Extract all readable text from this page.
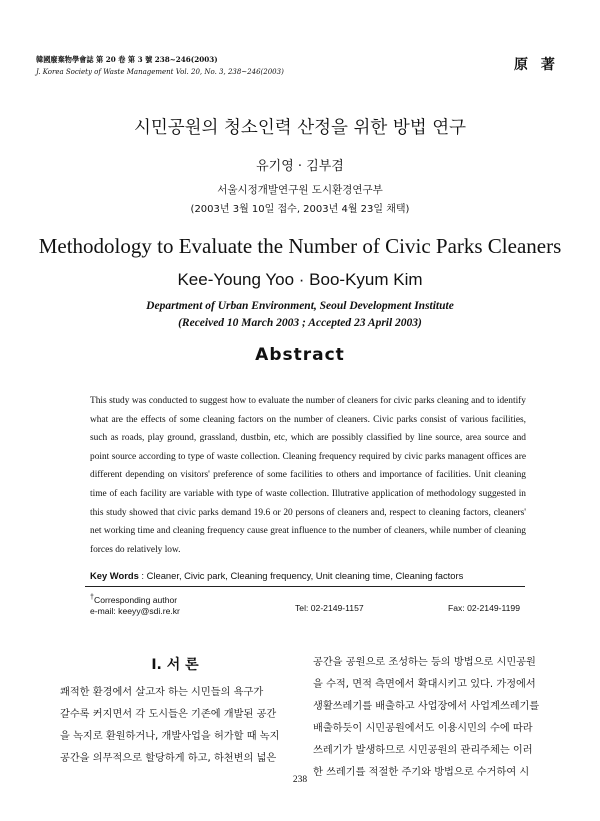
韓國廢棄物學會誌 第 20 卷 第 3 號 238~246(2003)
J. Korea Society of Waste Management Vol. 20, No. 3, 238~246(2003)	原 著
시민공원의 청소인력 산정을 위한 방법 연구
유기영 · 김부겸
서울시정개발연구원 도시환경연구부
(2003년 3월 10일 접수, 2003년 4월 23일 채택)
Methodology to Evaluate the Number of Civic Parks Cleaners
Kee-Young Yoo · Boo-Kyum Kim
Department of Urban Environment, Seoul Development Institute
(Received 10 March 2003 ; Accepted 23 April 2003)
Abstract
This study was conducted to suggest how to evaluate the number of cleaners for civic parks cleaning and to identify what are the effects of some cleaning factors on the number of cleaners. Civic parks consist of various facilities, such as roads, play ground, grassland, dustbin, etc, which are possibly classified by line source, area source and point source according to type of waste collection. Cleaning frequency required by civic parks managent offices are different depending on visitors' preference of some facilities to others and importance of facilities. Unit cleaning time of each facility are variable with type of waste collection. Illutrative application of methodology suggested in this study showed that civic parks demand 19.6 or 20 persons of cleaners and, respect to cleaning factors, cleaners' net working time and cleaning frequency cause great influence to the number of cleaners, while number of cleaning forces do relatively low.
Key Words : Cleaner, Civic park, Cleaning frequency, Unit cleaning time, Cleaning factors
†Corresponding author
e-mail: keeyy@sdi.re.kr	Tel: 02-2149-1157	Fax: 02-2149-1199
Ⅰ. 서 론
쾌적한 환경에서 살고자 하는 시민들의 욕구가
갈수록 커지면서 각 도시들은 기존에 개발된 공간
을 녹지로 환원하거나, 개발사업을 허가할 때 녹지
공간을 의무적으로 할당하게 하고, 하천변의 넓은
공간을 공원으로 조성하는 등의 방법으로 시민공원
을 수적, 면적 측면에서 확대시키고 있다. 가정에서
생활쓰레기를 배출하고 사업장에서 사업계쓰레기를
배출하듯이 시민공원에서도 이용시민의 수에 따라
쓰레기가 발생하므로 시민공원의 관리주체는 이러
한 쓰레기를 적절한 주기와 방법으로 수거하여 시
238
